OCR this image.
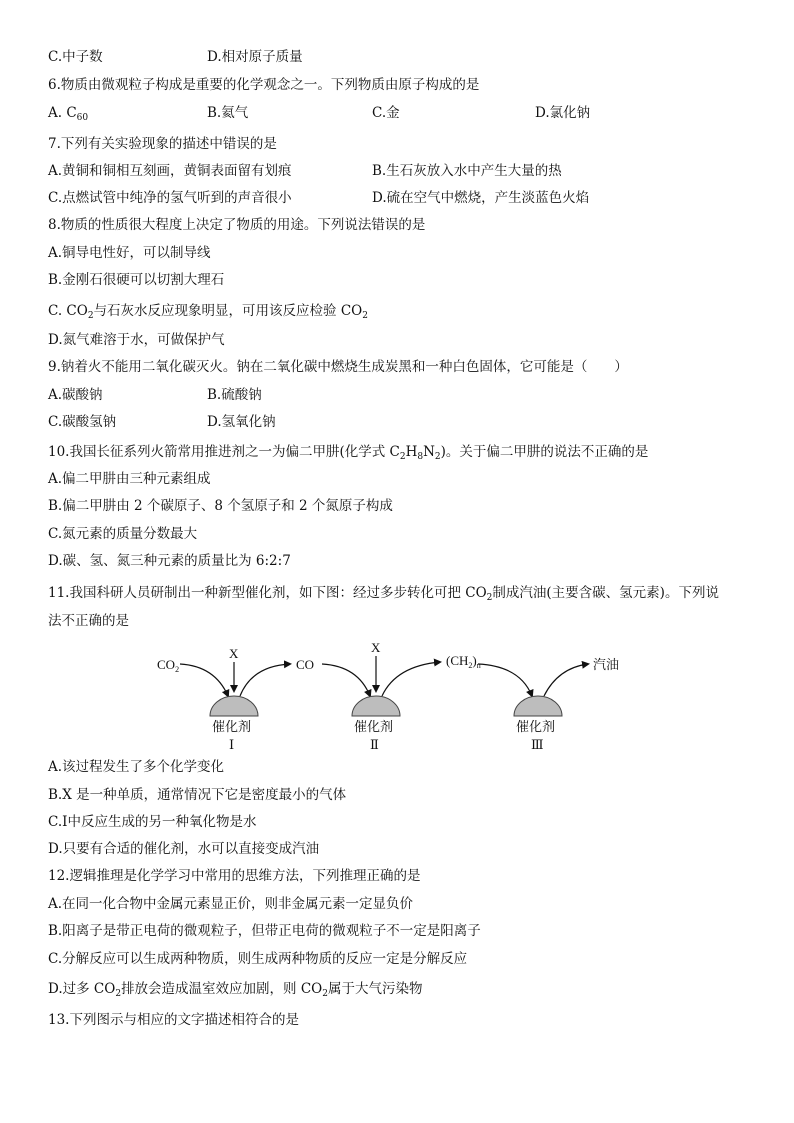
C.中子数	D.相对原子质量
6.物质由微观粒子构成是重要的化学观念之一。下列物质由原子构成的是
A. $C_{60}$	B.氦气	C.金	D.氯化钠
7.下列有关实验现象的描述中错误的是
A.黄铜和铜相互刻画，黄铜表面留有划痕	B.生石灰放入水中产生大量的热
C.点燃试管中纯净的氢气听到的声音很小	D.硫在空气中燃烧，产生淡蓝色火焰
8.物质的性质很大程度上决定了物质的用途。下列说法错误的是
A.铜导电性好，可以制导线
B.金刚石很硬可以切割大理石
C. $CO_2$与石灰水反应现象明显，可用该反应检验 $CO_2$
D.氮气难溶于水，可做保护气
9.钠着火不能用二氧化碳灭火。钠在二氧化碳中燃烧生成炭黑和一种白色固体，它可能是（　　）
A.碳酸钠	B.硫酸钠
C.碳酸氢钠	D.氢氧化钠
10.我国长征系列火箭常用推进剂之一为偏二甲肼(化学式 $C_2H_8N_2$)。关于偏二甲肼的说法不正确的是
A.偏二甲肼由三种元素组成
B.偏二甲肼由 2 个碳原子、8 个氢原子和 2 个氮原子构成
C.氮元素的质量分数最大
D.碳、氢、氮三种元素的质量比为 6:2:7
11.我国科研人员研制出一种新型催化剂，如下图：经过多步转化可把 $CO_2$制成汽油(主要含碳、氢元素)。下列说
法不正确的是
$CO_2$
X
催化剂
Ⅰ
CO
X
催化剂
Ⅱ
$(CH_2)_n$	汽油
催化剂
Ⅲ
A.该过程发生了多个化学变化
B.X 是一种单质，通常情况下它是密度最小的气体
C.Ⅰ中反应生成的另一种氧化物是水
D.只要有合适的催化剂，水可以直接变成汽油
12.逻辑推理是化学学习中常用的思维方法，下列推理正确的是
A.在同一化合物中金属元素显正价，则非金属元素一定显负价
B.阳离子是带正电荷的微观粒子，但带正电荷的微观粒子不一定是阳离子
C.分解反应可以生成两种物质，则生成两种物质的反应一定是分解反应
D.过多 $CO_2$排放会造成温室效应加剧，则 $CO_2$属于大气污染物
13.下列图示与相应的文字描述相符合的是
